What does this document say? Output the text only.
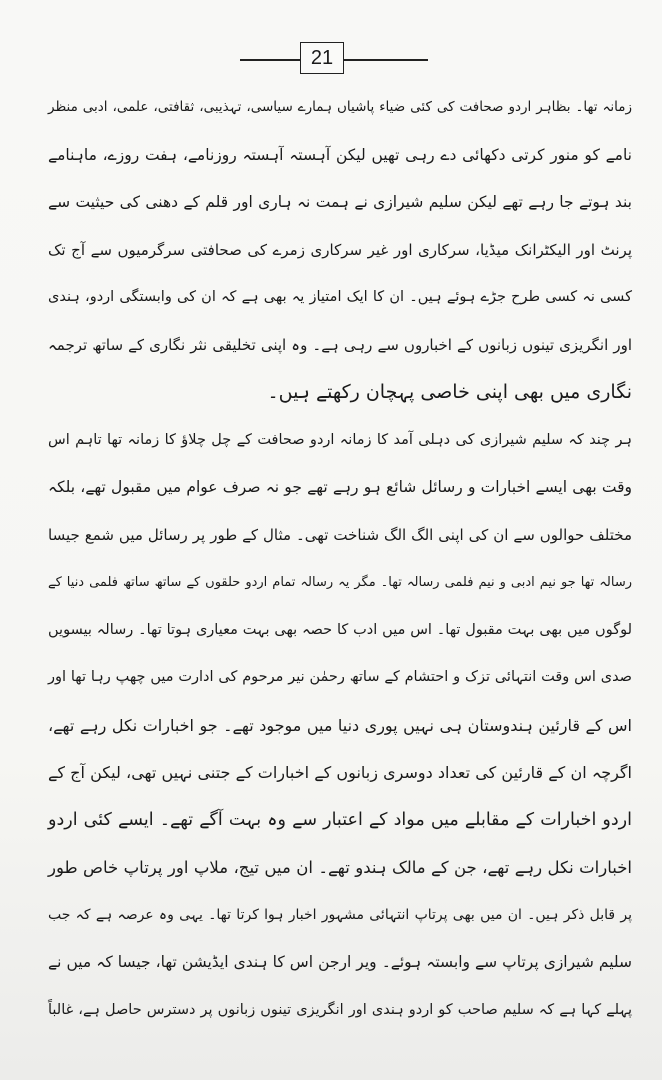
21
زمانہ تھا۔ بظاہر اردو صحافت کی کئی ضیاء پاشیاں ہمارے سیاسی، تہذیبی، ثقافتی، علمی، ادبی منظر
نامے کو منور کرتی دکھائی دے رہی تھیں لیکن آہستہ آہستہ روزنامے، ہفت روزے، ماہنامے
بند ہوتے جا رہے تھے لیکن سلیم شیرازی نے ہمت نہ ہاری اور قلم کے دھنی کی حیثیت سے
پرنٹ اور الیکٹرانک میڈیا، سرکاری اور غیر سرکاری زمرے کی صحافتی سرگرمیوں سے آج تک
کسی نہ کسی طرح جڑے ہوئے ہیں۔ ان کا ایک امتیاز یہ بھی ہے کہ ان کی وابستگی اردو، ہندی
اور انگریزی تینوں زبانوں کے اخباروں سے رہی ہے۔ وہ اپنی تخلیقی نثر نگاری کے ساتھ ترجمہ
نگاری میں بھی اپنی خاصی پہچان رکھتے ہیں۔
ہر چند کہ سلیم شیرازی کی دہلی آمد کا زمانہ اردو صحافت کے چل چلاؤ کا زمانہ تھا تاہم اس
وقت بھی ایسے اخبارات و رسائل شائع ہو رہے تھے جو نہ صرف عوام میں مقبول تھے، بلکہ
مختلف حوالوں سے ان کی اپنی الگ الگ شناخت تھی۔ مثال کے طور پر رسائل میں شمع جیسا
رسالہ تھا جو نیم ادبی و نیم فلمی رسالہ تھا۔ مگر یہ رسالہ تمام اردو حلقوں کے ساتھ ساتھ فلمی دنیا کے
لوگوں میں بھی بہت مقبول تھا۔ اس میں ادب کا حصہ بھی بہت معیاری ہوتا تھا۔ رسالہ بیسویں
صدی اس وقت انتہائی تزک و احتشام کے ساتھ رحمٰن نیر مرحوم کی ادارت میں چھپ رہا تھا اور
اس کے قارئین ہندوستان ہی نہیں پوری دنیا میں موجود تھے۔ جو اخبارات نکل رہے تھے،
اگرچہ ان کے قارئین کی تعداد دوسری زبانوں کے اخبارات کے جتنی نہیں تھی، لیکن آج کے
اردو اخبارات کے مقابلے میں مواد کے اعتبار سے وہ بہت آگے تھے۔ ایسے کئی اردو
اخبارات نکل رہے تھے، جن کے مالک ہندو تھے۔ ان میں تیج، ملاپ اور پرتاپ خاص طور
پر قابل ذکر ہیں۔ ان میں بھی پرتاپ انتہائی مشہور اخبار ہوا کرتا تھا۔ یہی وہ عرصہ ہے کہ جب
سلیم شیرازی پرتاپ سے وابستہ ہوئے۔ ویر ارجن اس کا ہندی ایڈیشن تھا، جیسا کہ میں نے
پہلے کہا ہے کہ سلیم صاحب کو اردو ہندی اور انگریزی تینوں زبانوں پر دسترس حاصل ہے، غالباً
